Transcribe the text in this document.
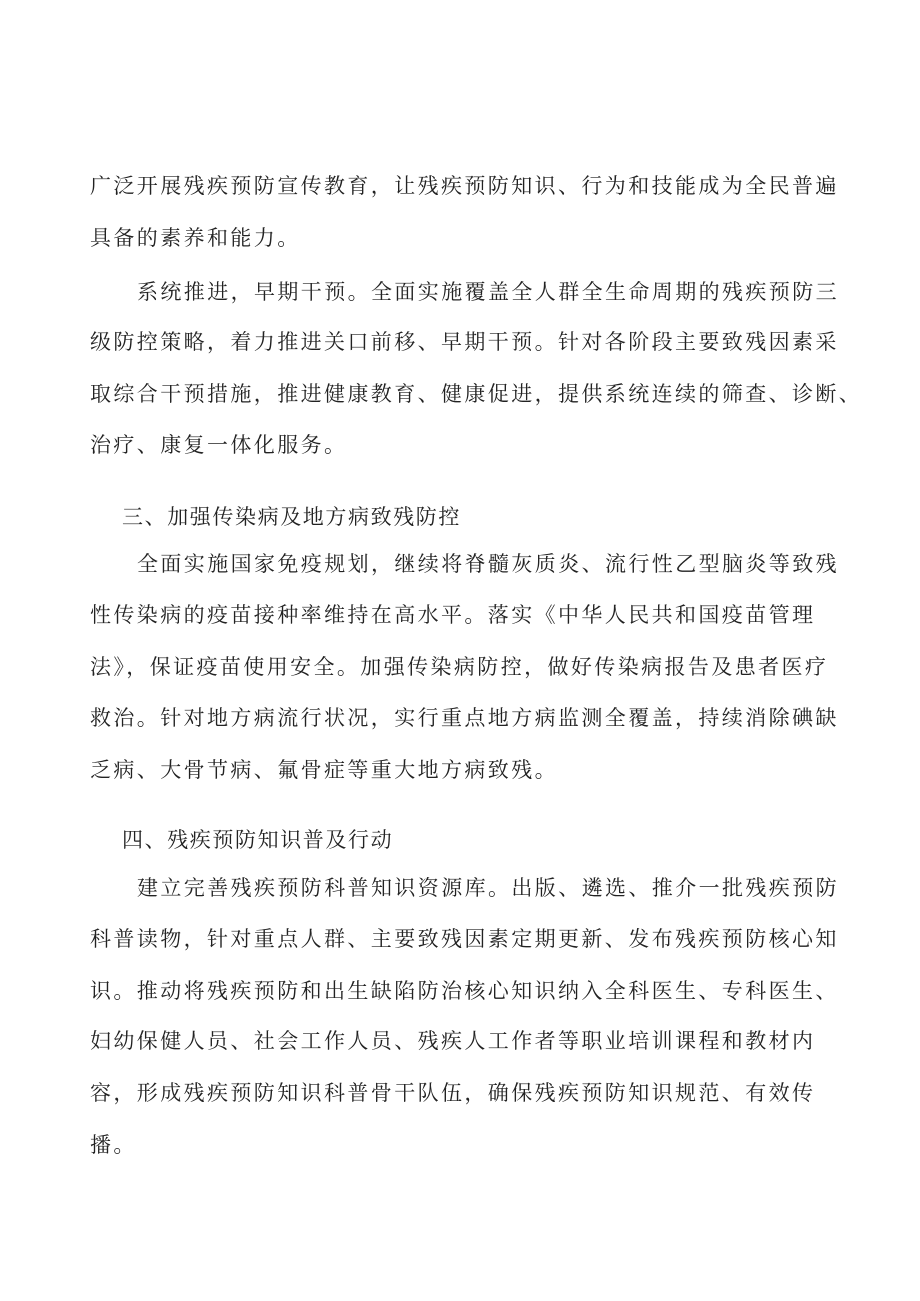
广泛开展残疾预防宣传教育，让残疾预防知识、行为和技能成为全民普遍

具备的素养和能力。

系统推进，早期干预。全面实施覆盖全人群全生命周期的残疾预防三

级防控策略，着力推进关口前移、早期干预。针对各阶段主要致残因素采

取综合干预措施，推进健康教育、健康促进，提供系统连续的筛查、诊断、

治疗、康复一体化服务。

三、加强传染病及地方病致残防控

全面实施国家免疫规划，继续将脊髓灰质炎、流行性乙型脑炎等致残

性传染病的疫苗接种率维持在高水平。落实《中华人民共和国疫苗管理

法》，保证疫苗使用安全。加强传染病防控，做好传染病报告及患者医疗

救治。针对地方病流行状况，实行重点地方病监测全覆盖，持续消除碘缺

乏病、大骨节病、氟骨症等重大地方病致残。

四、残疾预防知识普及行动

建立完善残疾预防科普知识资源库。出版、遴选、推介一批残疾预防

科普读物，针对重点人群、主要致残因素定期更新、发布残疾预防核心知

识。推动将残疾预防和出生缺陷防治核心知识纳入全科医生、专科医生、

妇幼保健人员、社会工作人员、残疾人工作者等职业培训课程和教材内

容，形成残疾预防知识科普骨干队伍，确保残疾预防知识规范、有效传

播。
